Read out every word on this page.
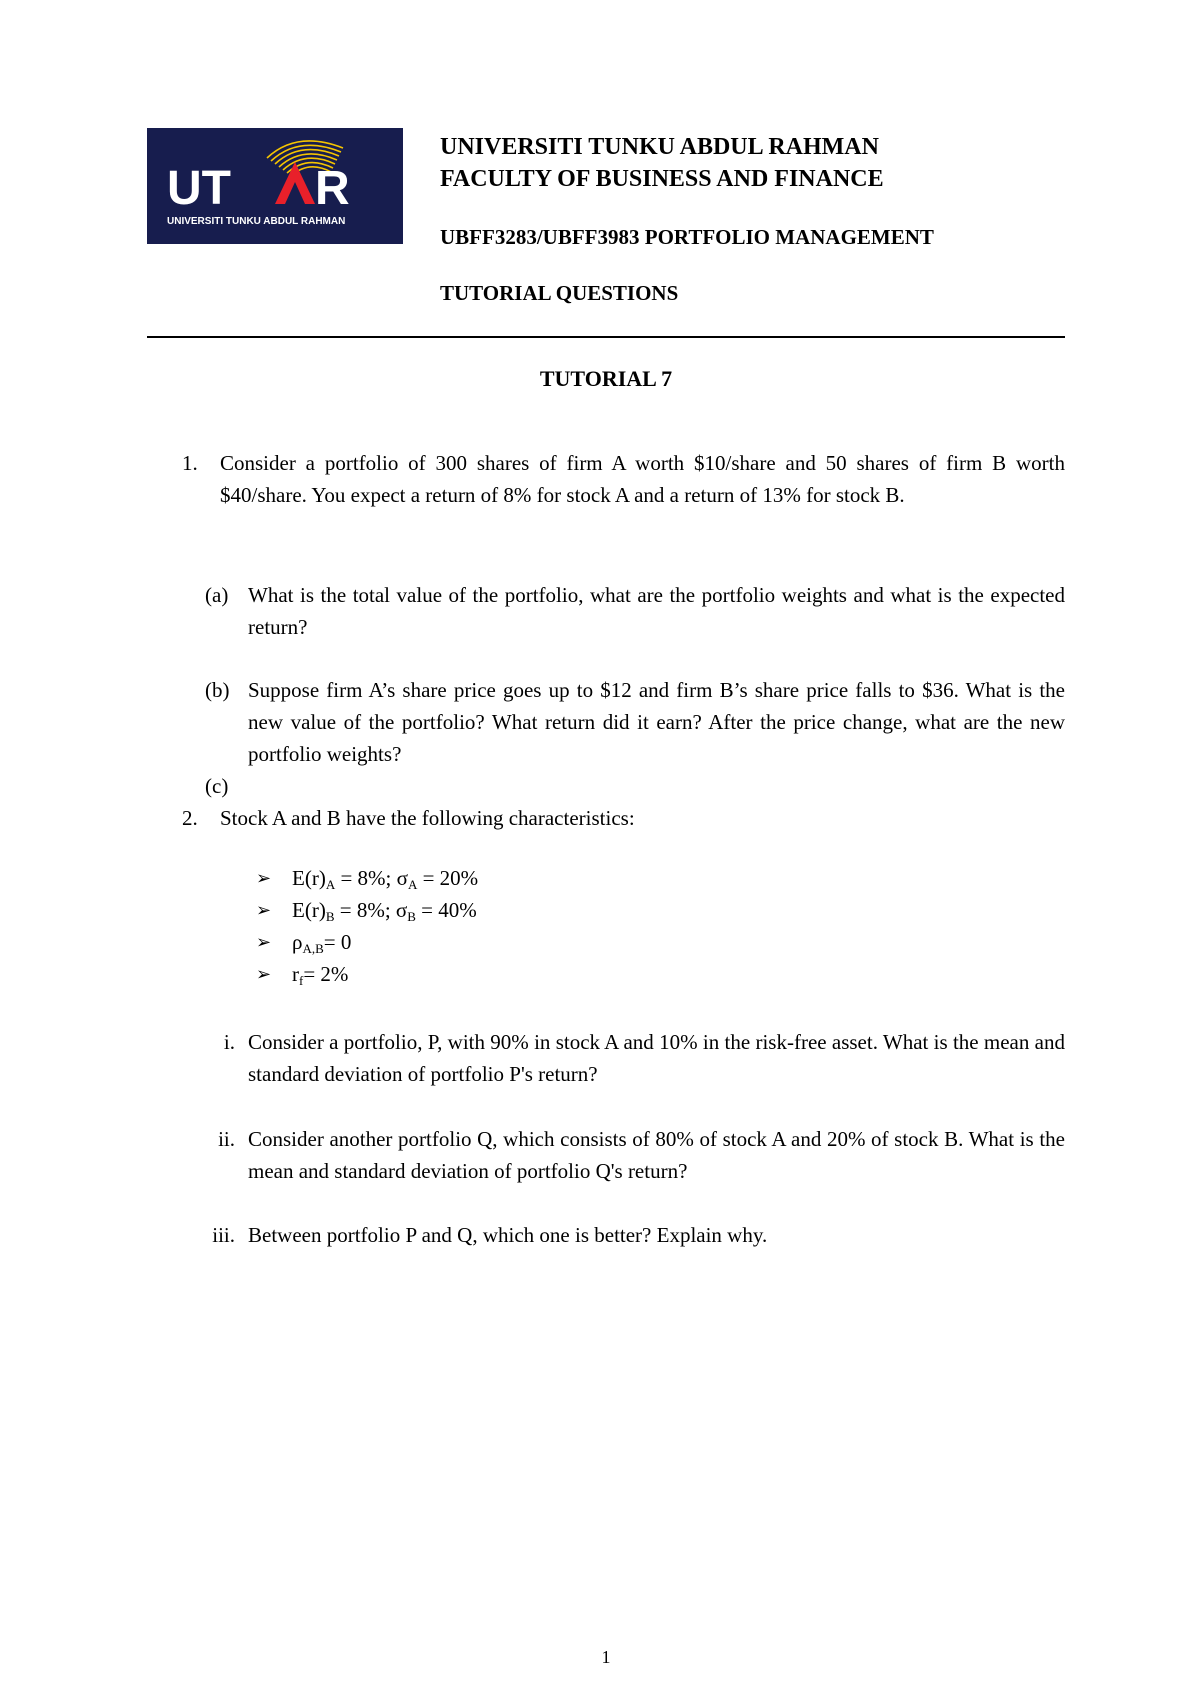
UT R
UNIVERSITI TUNKU ABDUL RAHMAN
UNIVERSITI TUNKU ABDUL RAHMAN
FACULTY OF BUSINESS AND FINANCE
UBFF3283/UBFF3983 PORTFOLIO MANAGEMENT
TUTORIAL QUESTIONS
TUTORIAL 7
1. Consider a portfolio of 300 shares of firm A worth $10/share and 50 shares of firm B worth $40/share. You expect a return of 8% for stock A and a return of 13% for stock B.
(a) What is the total value of the portfolio, what are the portfolio weights and what is the expected return?
(b) Suppose firm A’s share price goes up to $12 and firm B’s share price falls to $36. What is the new value of the portfolio? What return did it earn? After the price change, what are the new portfolio weights?
(c)
2. Stock A and B have the following characteristics:
➢ $E(r)_A = 8\%$; $\sigma_A = 20\%$
➢ $E(r)_B = 8\%$; $\sigma_B = 40\%$
➢ $\rho_{A,B}= 0$
➢ $r_f= 2\%$
i. Consider a portfolio, P, with 90% in stock A and 10% in the risk-free asset. What is the mean and standard deviation of portfolio P's return?
ii. Consider another portfolio Q, which consists of 80% of stock A and 20% of stock B. What is the mean and standard deviation of portfolio Q's return?
iii. Between portfolio P and Q, which one is better? Explain why.
1
